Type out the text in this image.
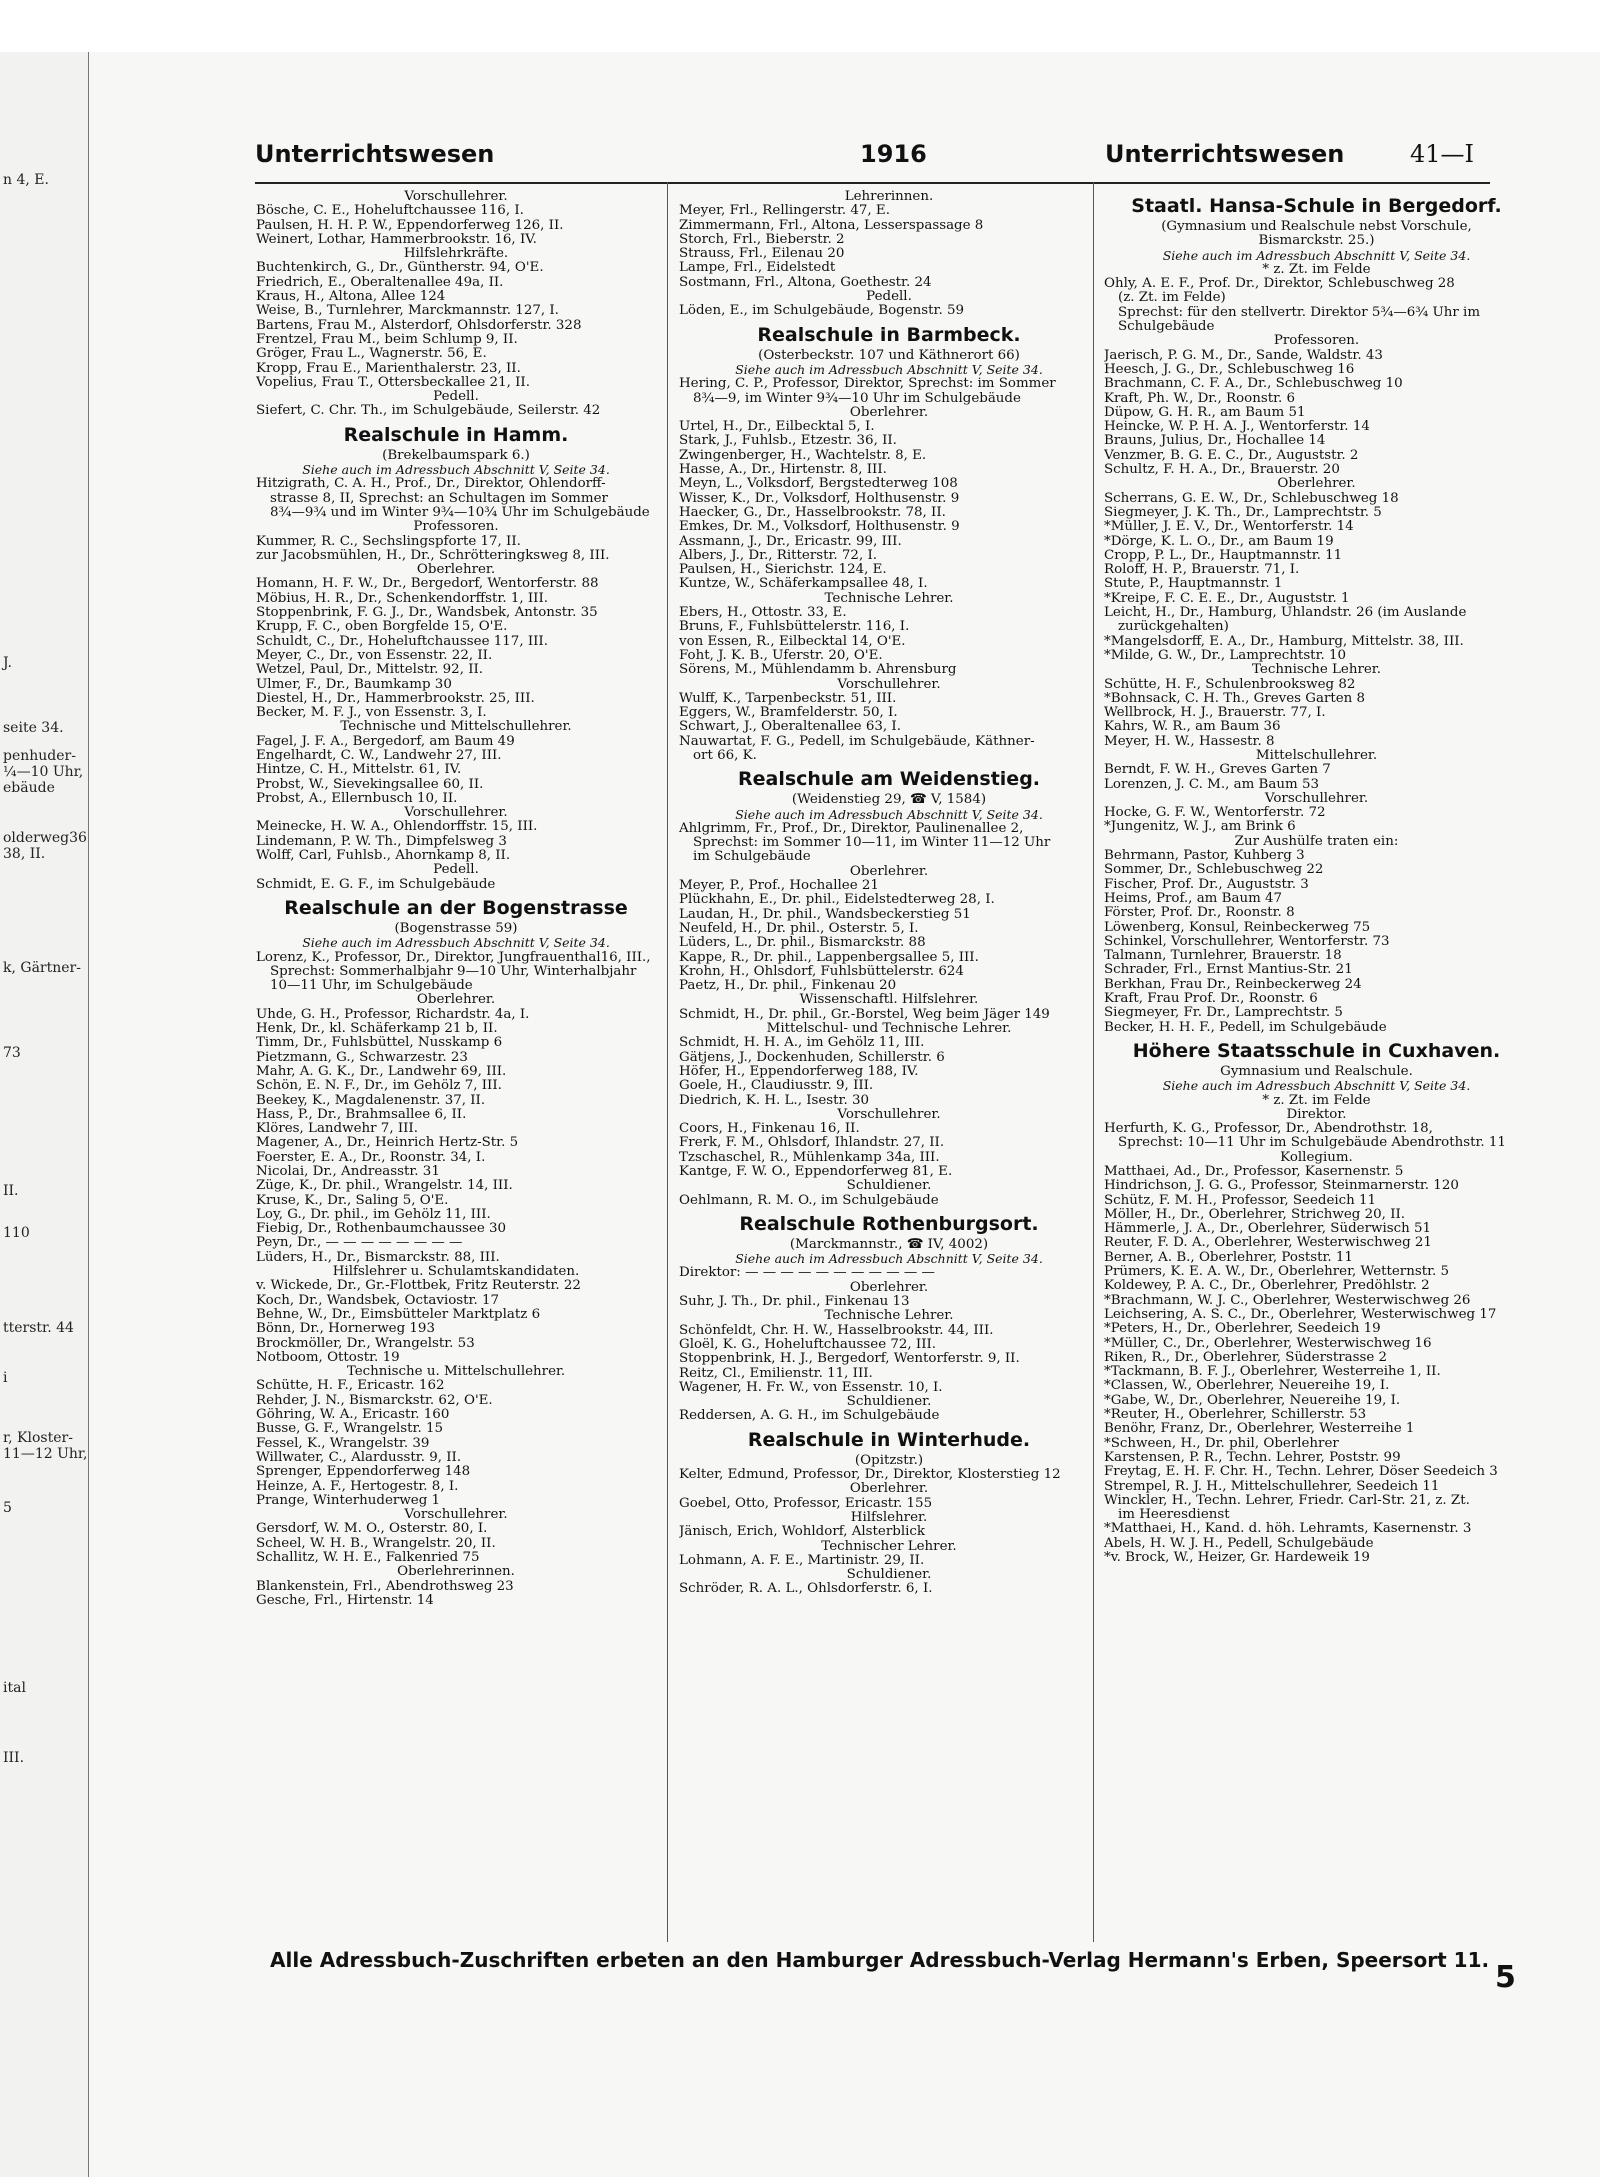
n 4, E.
J.
seite 34.
penhuder-
¼—10 Uhr,
ebäude
olderweg36
38, II.
k, Gärtner-
73
II.
110
tterstr. 44
i
r, Kloster-
11—12 Uhr,
5
ital
III.
Unterrichtswesen	1916	Unterrichtswesen	41—I
Vorschullehrer.
Bösche, C. E., Hoheluftchaussee 116, I.
Paulsen, H. H. P. W., Eppendorferweg 126, II.
Weinert, Lothar, Hammerbrookstr. 16, IV.
Hilfslehrkräfte.
Buchtenkirch, G., Dr., Güntherstr. 94, O'E.
Friedrich, E., Oberaltenallee 49a, II.
Kraus, H., Altona, Allee 124
Weise, B., Turnlehrer, Marckmannstr. 127, I.
Bartens, Frau M., Alsterdorf, Ohlsdorferstr. 328
Frentzel, Frau M., beim Schlump 9, II.
Gröger, Frau L., Wagnerstr. 56, E.
Kropp, Frau E., Marienthalerstr. 23, II.
Vopelius, Frau T., Ottersbeckallee 21, II.
Pedell.
Siefert, C. Chr. Th., im Schulgebäude, Seilerstr. 42
Realschule in Hamm.
(Brekelbaumspark 6.)
Siehe auch im Adressbuch Abschnitt V, Seite 34.
Hitzigrath, C. A. H., Prof., Dr., Direktor, Ohlendorff-
strasse 8, II, Sprechst: an Schultagen im Sommer
8¾—9¾ und im Winter 9¾—10¾ Uhr im Schulgebäude
Professoren.
Kummer, R. C., Sechslingspforte 17, II.
zur Jacobsmühlen, H., Dr., Schrötteringksweg 8, III.
Oberlehrer.
Homann, H. F. W., Dr., Bergedorf, Wentorferstr. 88
Möbius, H. R., Dr., Schenkendorffstr. 1, III.
Stoppenbrink, F. G. J., Dr., Wandsbek, Antonstr. 35
Krupp, F. C., oben Borgfelde 15, O'E.
Schuldt, C., Dr., Hoheluftchaussee 117, III.
Meyer, C., Dr., von Essenstr. 22, II.
Wetzel, Paul, Dr., Mittelstr. 92, II.
Ulmer, F., Dr., Baumkamp 30
Diestel, H., Dr., Hammerbrookstr. 25, III.
Becker, M. F. J., von Essenstr. 3, I.
Technische und Mittelschullehrer.
Fagel, J. F. A., Bergedorf, am Baum 49
Engelhardt, C. W., Landwehr 27, III.
Hintze, C. H., Mittelstr. 61, IV.
Probst, W., Sievekingsallee 60, II.
Probst, A., Ellernbusch 10, II.
Vorschullehrer.
Meinecke, H. W. A., Ohlendorffstr. 15, III.
Lindemann, P. W. Th., Dimpfelsweg 3
Wolff, Carl, Fuhlsb., Ahornkamp 8, II.
Pedell.
Schmidt, E. G. F., im Schulgebäude
Realschule an der Bogenstrasse
(Bogenstrasse 59)
Siehe auch im Adressbuch Abschnitt V, Seite 34.
Lorenz, K., Professor, Dr., Direktor, Jungfrauenthal16, III.,
Sprechst: Sommerhalbjahr 9—10 Uhr, Winterhalbjahr
10—11 Uhr, im Schulgebäude
Oberlehrer.
Uhde, G. H., Professor, Richardstr. 4a, I.
Henk, Dr., kl. Schäferkamp 21 b, II.
Timm, Dr., Fuhlsbüttel, Nusskamp 6
Pietzmann, G., Schwarzestr. 23
Mahr, A. G. K., Dr., Landwehr 69, III.
Schön, E. N. F., Dr., im Gehölz 7, III.
Beekey, K., Magdalenenstr. 37, II.
Hass, P., Dr., Brahmsallee 6, II.
Klöres, Landwehr 7, III.
Magener, A., Dr., Heinrich Hertz-Str. 5
Foerster, E. A., Dr., Roonstr. 34, I.
Nicolai, Dr., Andreasstr. 31
Züge, K., Dr. phil., Wrangelstr. 14, III.
Kruse, K., Dr., Saling 5, O'E.
Loy, G., Dr. phil., im Gehölz 11, III.
Fiebig, Dr., Rothenbaumchaussee 30
Peyn, Dr., — — — — — — — —
Lüders, H., Dr., Bismarckstr. 88, III.
Hilfslehrer u. Schulamtskandidaten.
v. Wickede, Dr., Gr.-Flottbek, Fritz Reuterstr. 22
Koch, Dr., Wandsbek, Octaviostr. 17
Behne, W., Dr., Eimsbütteler Marktplatz 6
Bönn, Dr., Hornerweg 193
Brockmöller, Dr., Wrangelstr. 53
Notboom, Ottostr. 19
Technische u. Mittelschullehrer.
Schütte, H. F., Ericastr. 162
Rehder, J. N., Bismarckstr. 62, O'E.
Göhring, W. A., Ericastr. 160
Busse, G. F., Wrangelstr. 15
Fessel, K., Wrangelstr. 39
Willwater, C., Alardusstr. 9, II.
Sprenger, Eppendorferweg 148
Heinze, A. F., Hertogestr. 8, I.
Prange, Winterhuderweg 1
Vorschullehrer.
Gersdorf, W. M. O., Osterstr. 80, I.
Scheel, W. H. B., Wrangelstr. 20, II.
Schallitz, W. H. E., Falkenried 75
Oberlehrerinnen.
Blankenstein, Frl., Abendrothsweg 23
Gesche, Frl., Hirtenstr. 14
Lehrerinnen.
Meyer, Frl., Rellingerstr. 47, E.
Zimmermann, Frl., Altona, Lesserspassage 8
Storch, Frl., Bieberstr. 2
Strauss, Frl., Eilenau 20
Lampe, Frl., Eidelstedt
Sostmann, Frl., Altona, Goethestr. 24
Pedell.
Löden, E., im Schulgebäude, Bogenstr. 59
Realschule in Barmbeck.
(Osterbeckstr. 107 und Käthnerort 66)
Siehe auch im Adressbuch Abschnitt V, Seite 34.
Hering, C. P., Professor, Direktor, Sprechst: im Sommer
8¾—9, im Winter 9¾—10 Uhr im Schulgebäude
Oberlehrer.
Urtel, H., Dr., Eilbecktal 5, I.
Stark, J., Fuhlsb., Etzestr. 36, II.
Zwingenberger, H., Wachtelstr. 8, E.
Hasse, A., Dr., Hirtenstr. 8, III.
Meyn, L., Volksdorf, Bergstedterweg 108
Wisser, K., Dr., Volksdorf, Holthusenstr. 9
Haecker, G., Dr., Hasselbrookstr. 78, II.
Emkes, Dr. M., Volksdorf, Holthusenstr. 9
Assmann, J., Dr., Ericastr. 99, III.
Albers, J., Dr., Ritterstr. 72, I.
Paulsen, H., Sierichstr. 124, E.
Kuntze, W., Schäferkampsallee 48, I.
Technische Lehrer.
Ebers, H., Ottostr. 33, E.
Bruns, F., Fuhlsbüttelerstr. 116, I.
von Essen, R., Eilbecktal 14, O'E.
Foht, J. K. B., Uferstr. 20, O'E.
Sörens, M., Mühlendamm b. Ahrensburg
Vorschullehrer.
Wulff, K., Tarpenbeckstr. 51, III.
Eggers, W., Bramfelderstr. 50, I.
Schwart, J., Oberaltenallee 63, I.
Nauwartat, F. G., Pedell, im Schulgebäude, Käthner-
ort 66, K.
Realschule am Weidenstieg.
(Weidenstieg 29, ☎ V, 1584)
Siehe auch im Adressbuch Abschnitt V, Seite 34.
Ahlgrimm, Fr., Prof., Dr., Direktor, Paulinenallee 2,
Sprechst: im Sommer 10—11, im Winter 11—12 Uhr
im Schulgebäude
Oberlehrer.
Meyer, P., Prof., Hochallee 21
Plückhahn, E., Dr. phil., Eidelstedterweg 28, I.
Laudan, H., Dr. phil., Wandsbeckerstieg 51
Neufeld, H., Dr. phil., Osterstr. 5, I.
Lüders, L., Dr. phil., Bismarckstr. 88
Kappe, R., Dr. phil., Lappenbergsallee 5, III.
Krohn, H., Ohlsdorf, Fuhlsbüttelerstr. 624
Paetz, H., Dr. phil., Finkenau 20
Wissenschaftl. Hilfslehrer.
Schmidt, H., Dr. phil., Gr.-Borstel, Weg beim Jäger 149
Mittelschul- und Technische Lehrer.
Schmidt, H. H. A., im Gehölz 11, III.
Gätjens, J., Dockenhuden, Schillerstr. 6
Höfer, H., Eppendorferweg 188, IV.
Goele, H., Claudiusstr. 9, III.
Diedrich, K. H. L., Isestr. 30
Vorschullehrer.
Coors, H., Finkenau 16, II.
Frerk, F. M., Ohlsdorf, Ihlandstr. 27, II.
Tzschaschel, R., Mühlenkamp 34a, III.
Kantge, F. W. O., Eppendorferweg 81, E.
Schuldiener.
Oehlmann, R. M. O., im Schulgebäude
Realschule Rothenburgsort.
(Marckmannstr., ☎ IV, 4002)
Siehe auch im Adressbuch Abschnitt V, Seite 34.
Direktor: — — — — — — — — — — —
Oberlehrer.
Suhr, J. Th., Dr. phil., Finkenau 13
Technische Lehrer.
Schönfeldt, Chr. H. W., Hasselbrookstr. 44, III.
Gloël, K. G., Hoheluftchaussee 72, III.
Stoppenbrink, H. J., Bergedorf, Wentorferstr. 9, II.
Reitz, Cl., Emilienstr. 11, III.
Wagener, H. Fr. W., von Essenstr. 10, I.
Schuldiener.
Reddersen, A. G. H., im Schulgebäude
Realschule in Winterhude.
(Opitzstr.)
Kelter, Edmund, Professor, Dr., Direktor, Klosterstieg 12
Oberlehrer.
Goebel, Otto, Professor, Ericastr. 155
Hilfslehrer.
Jänisch, Erich, Wohldorf, Alsterblick
Technischer Lehrer.
Lohmann, A. F. E., Martinistr. 29, II.
Schuldiener.
Schröder, R. A. L., Ohlsdorferstr. 6, I.
Staatl. Hansa-Schule in Bergedorf.
(Gymnasium und Realschule nebst Vorschule,
Bismarckstr. 25.)
Siehe auch im Adressbuch Abschnitt V, Seite 34.
* z. Zt. im Felde
Ohly, A. E. F., Prof. Dr., Direktor, Schlebuschweg 28
(z. Zt. im Felde)
Sprechst: für den stellvertr. Direktor 5¾—6¾ Uhr im
Schulgebäude
Professoren.
Jaerisch, P. G. M., Dr., Sande, Waldstr. 43
Heesch, J. G., Dr., Schlebuschweg 16
Brachmann, C. F. A., Dr., Schlebuschweg 10
Kraft, Ph. W., Dr., Roonstr. 6
Düpow, G. H. R., am Baum 51
Heincke, W. P. H. A. J., Wentorferstr. 14
Brauns, Julius, Dr., Hochallee 14
Venzmer, B. G. E. C., Dr., Auguststr. 2
Schultz, F. H. A., Dr., Brauerstr. 20
Oberlehrer.
Scherrans, G. E. W., Dr., Schlebuschweg 18
Siegmeyer, J. K. Th., Dr., Lamprechtstr. 5
*Müller, J. E. V., Dr., Wentorferstr. 14
*Dörge, K. L. O., Dr., am Baum 19
Cropp, P. L., Dr., Hauptmannstr. 11
Roloff, H. P., Brauerstr. 71, I.
Stute, P., Hauptmannstr. 1
*Kreipe, F. C. E. E., Dr., Auguststr. 1
Leicht, H., Dr., Hamburg, Uhlandstr. 26 (im Auslande
zurückgehalten)
*Mangelsdorff, E. A., Dr., Hamburg, Mittelstr. 38, III.
*Milde, G. W., Dr., Lamprechtstr. 10
Technische Lehrer.
Schütte, H. F., Schulenbrooksweg 82
*Bohnsack, C. H. Th., Greves Garten 8
Wellbrock, H. J., Brauerstr. 77, I.
Kahrs, W. R., am Baum 36
Meyer, H. W., Hassestr. 8
Mittelschullehrer.
Berndt, F. W. H., Greves Garten 7
Lorenzen, J. C. M., am Baum 53
Vorschullehrer.
Hocke, G. F. W., Wentorferstr. 72
*Jungenitz, W. J., am Brink 6
Zur Aushülfe traten ein:
Behrmann, Pastor, Kuhberg 3
Sommer, Dr., Schlebuschweg 22
Fischer, Prof. Dr., Auguststr. 3
Heims, Prof., am Baum 47
Förster, Prof. Dr., Roonstr. 8
Löwenberg, Konsul, Reinbeckerweg 75
Schinkel, Vorschullehrer, Wentorferstr. 73
Talmann, Turnlehrer, Brauerstr. 18
Schrader, Frl., Ernst Mantius-Str. 21
Berkhan, Frau Dr., Reinbeckerweg 24
Kraft, Frau Prof. Dr., Roonstr. 6
Siegmeyer, Fr. Dr., Lamprechtstr. 5
Becker, H. H. F., Pedell, im Schulgebäude
Höhere Staatsschule in Cuxhaven.
Gymnasium und Realschule.
Siehe auch im Adressbuch Abschnitt V, Seite 34.
* z. Zt. im Felde
Direktor.
Herfurth, K. G., Professor, Dr., Abendrothstr. 18,
Sprechst: 10—11 Uhr im Schulgebäude Abendrothstr. 11
Kollegium.
Matthaei, Ad., Dr., Professor, Kasernenstr. 5
Hindrichson, J. G. G., Professor, Steinmarnerstr. 120
Schütz, F. M. H., Professor, Seedeich 11
Möller, H., Dr., Oberlehrer, Strichweg 20, II.
Hämmerle, J. A., Dr., Oberlehrer, Süderwisch 51
Reuter, F. D. A., Oberlehrer, Westerwischweg 21
Berner, A. B., Oberlehrer, Poststr. 11
Prümers, K. E. A. W., Dr., Oberlehrer, Wetternstr. 5
Koldewey, P. A. C., Dr., Oberlehrer, Predöhlstr. 2
*Brachmann, W. J. C., Oberlehrer, Westerwischweg 26
Leichsering, A. S. C., Dr., Oberlehrer, Westerwischweg 17
*Peters, H., Dr., Oberlehrer, Seedeich 19
*Müller, C., Dr., Oberlehrer, Westerwischweg 16
Riken, R., Dr., Oberlehrer, Süderstrasse 2
*Tackmann, B. F. J., Oberlehrer, Westerreihe 1, II.
*Classen, W., Oberlehrer, Neuereihe 19, I.
*Gabe, W., Dr., Oberlehrer, Neuereihe 19, I.
*Reuter, H., Oberlehrer, Schillerstr. 53
Benöhr, Franz, Dr., Oberlehrer, Westerreihe 1
*Schween, H., Dr. phil, Oberlehrer
Karstensen, P. R., Techn. Lehrer, Poststr. 99
Freytag, E. H. F. Chr. H., Techn. Lehrer, Döser Seedeich 3
Strempel, R. J. H., Mittelschullehrer, Seedeich 11
Winckler, H., Techn. Lehrer, Friedr. Carl-Str. 21, z. Zt.
im Heeresdienst
*Matthaei, H., Kand. d. höh. Lehramts, Kasernenstr. 3
Abels, H. W. J. H., Pedell, Schulgebäude
*v. Brock, W., Heizer, Gr. Hardeweik 19
Alle Adressbuch-Zuschriften erbeten an den Hamburger Adressbuch-Verlag Hermann's Erben, Speersort 11. 5
